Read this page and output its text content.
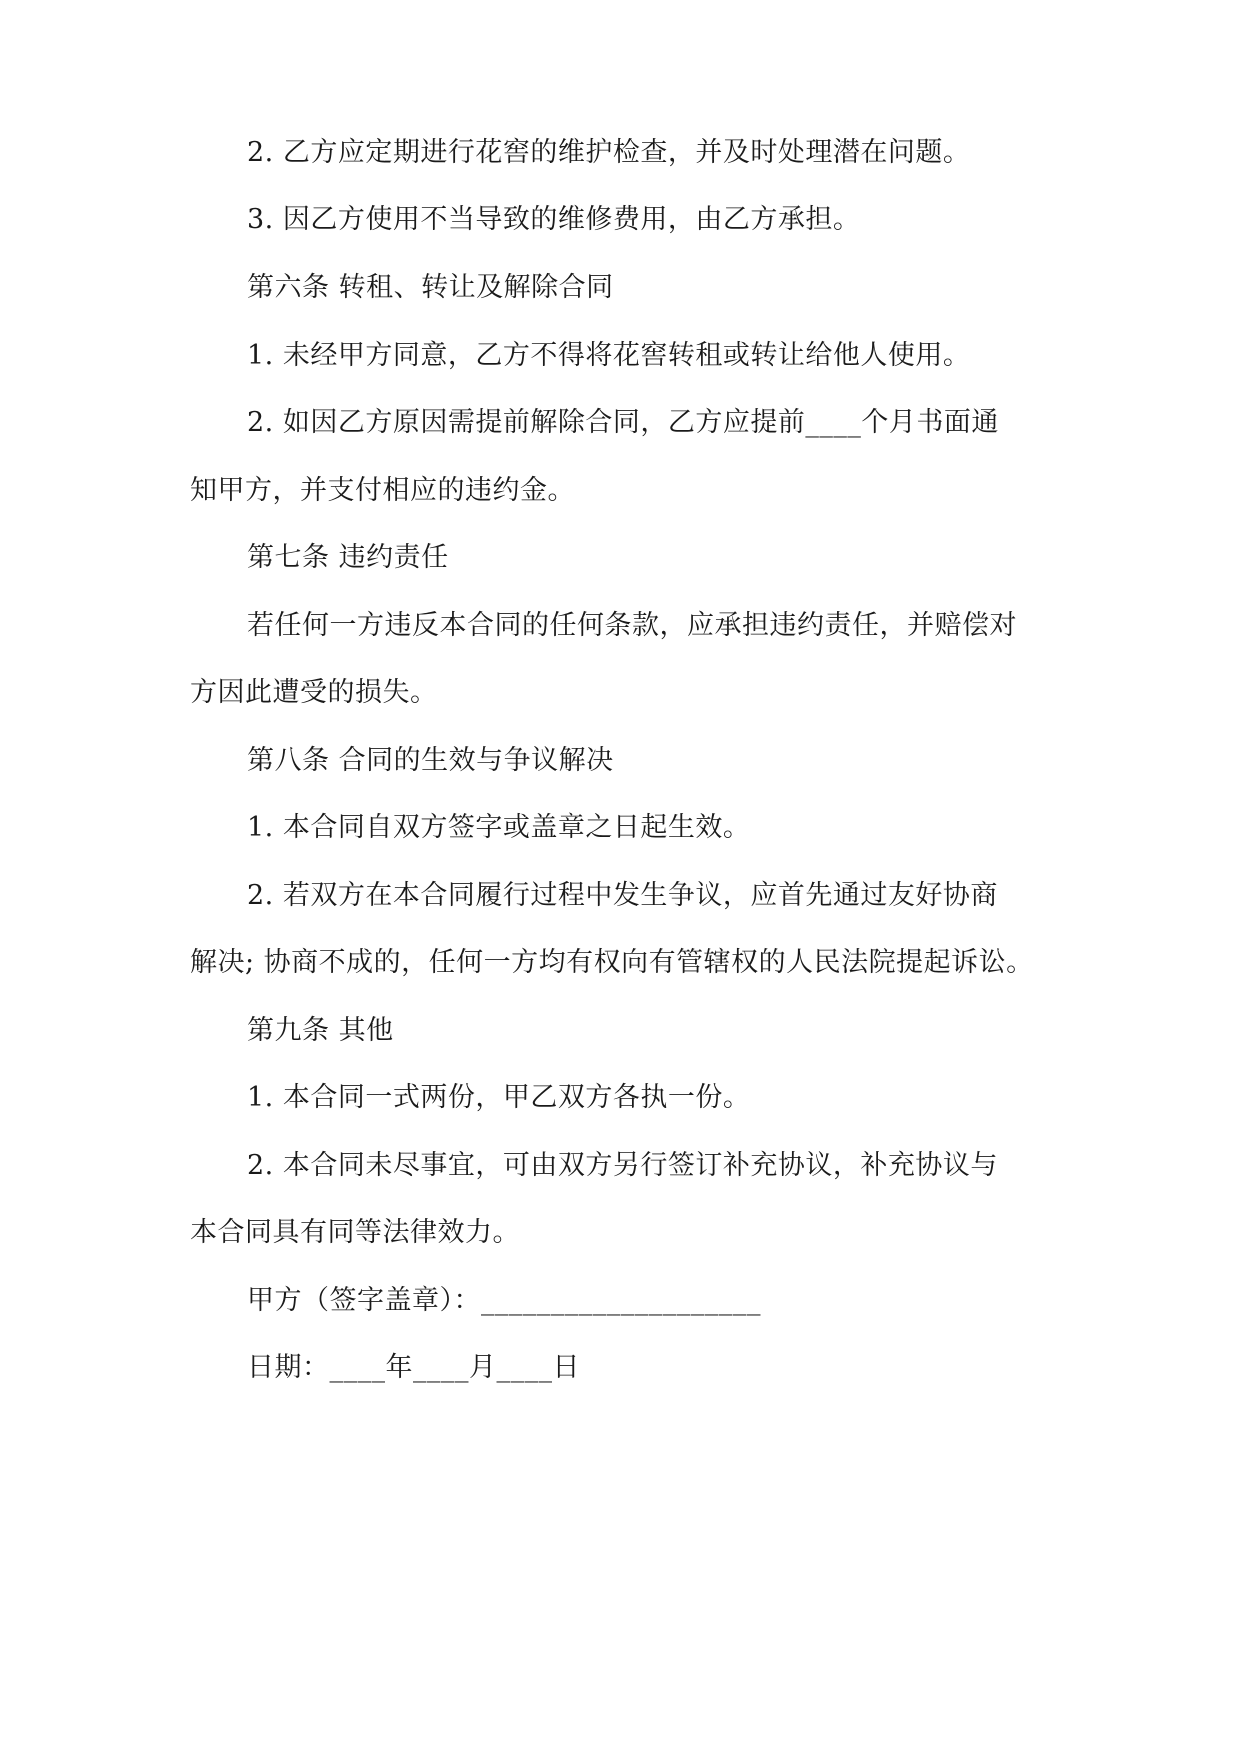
2. 乙方应定期进行花窖的维护检查，并及时处理潜在问题。
3. 因乙方使用不当导致的维修费用，由乙方承担。
第六条 转租、转让及解除合同
1. 未经甲方同意，乙方不得将花窖转租或转让给他人使用。
2. 如因乙方原因需提前解除合同，乙方应提前____个月书面通
知甲方，并支付相应的违约金。
第七条 违约责任
若任何一方违反本合同的任何条款，应承担违约责任，并赔偿对
方因此遭受的损失。
第八条 合同的生效与争议解决
1. 本合同自双方签字或盖章之日起生效。
2. 若双方在本合同履行过程中发生争议，应首先通过友好协商
解决; 协商不成的，任何一方均有权向有管辖权的人民法院提起诉讼。
第九条 其他
1. 本合同一式两份，甲乙双方各执一份。
2. 本合同未尽事宜，可由双方另行签订补充协议，补充协议与
本合同具有同等法律效力。
甲方（签字盖章）：____________________
日期：____年____月____日
